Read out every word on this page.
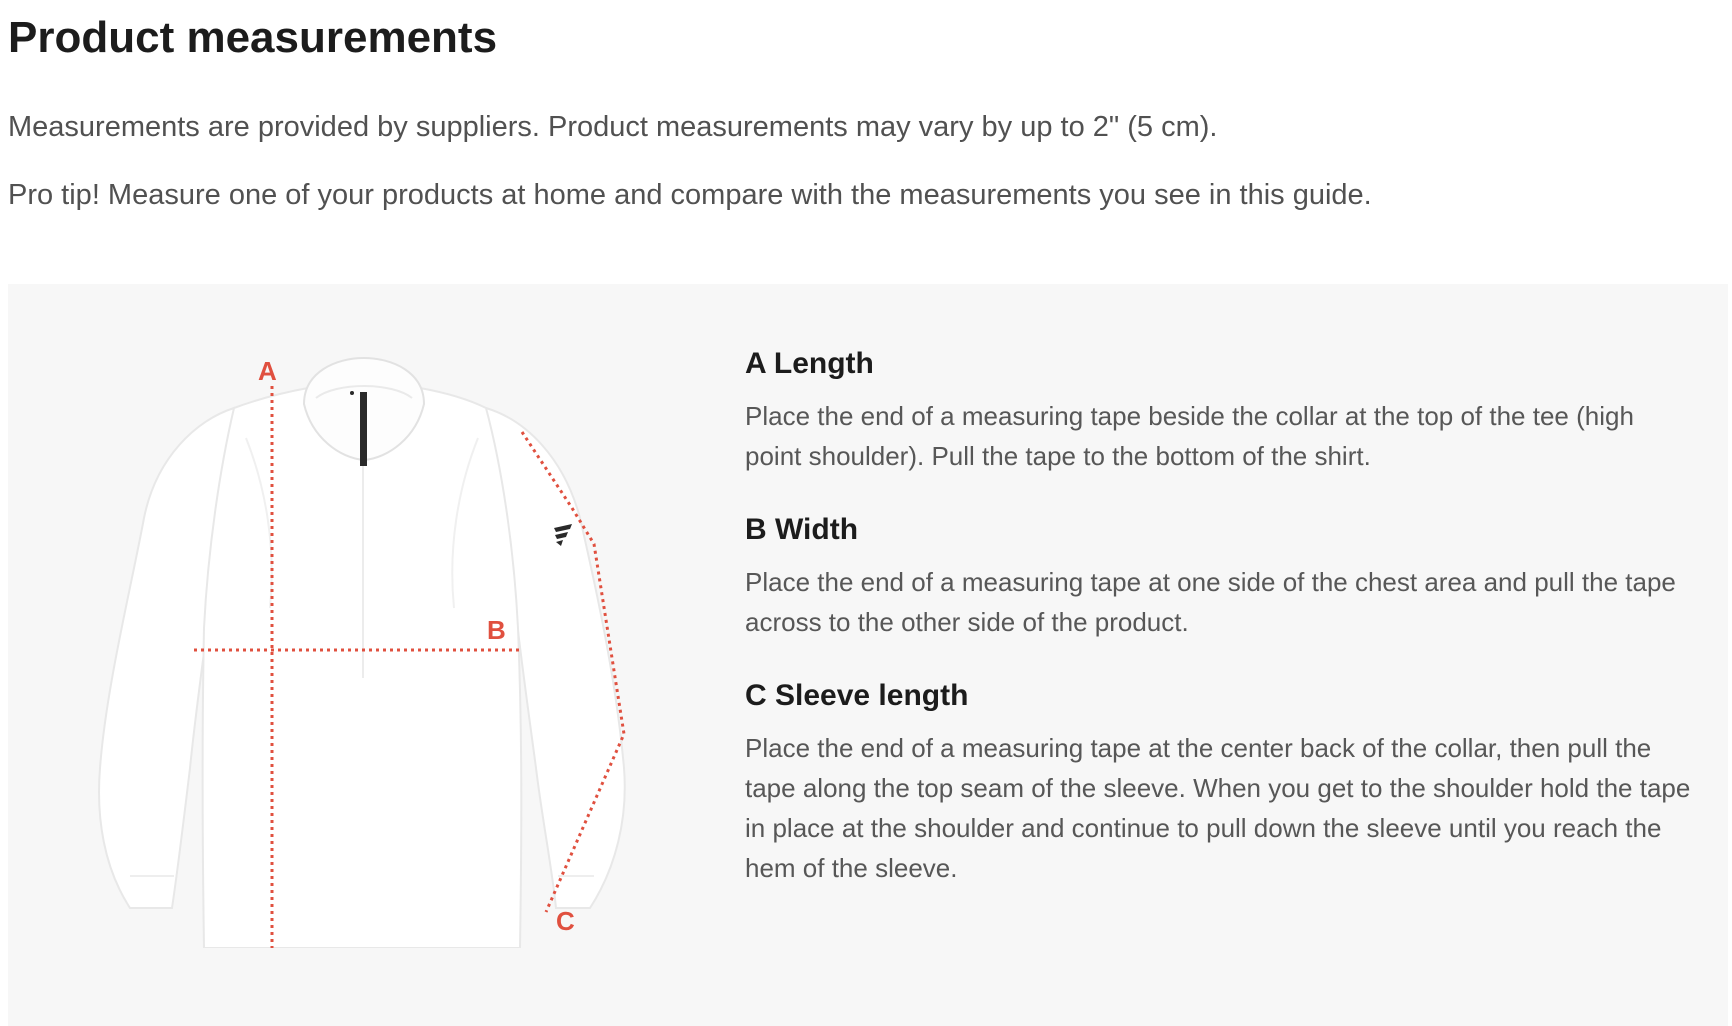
Product measurements

Measurements are provided by suppliers. Product measurements may vary by up to 2" (5 cm).

Pro tip! Measure one of your products at home and compare with the measurements you see in this guide.

A
B
C
A Length

Place the end of a measuring tape beside the collar at the top of the tee (high point shoulder). Pull the tape to the bottom of the shirt.

B Width

Place the end of a measuring tape at one side of the chest area and pull the tape across to the other side of the product.

C Sleeve length

Place the end of a measuring tape at the center back of the collar, then pull the tape along the top seam of the sleeve. When you get to the shoulder hold the tape in place at the shoulder and continue to pull down the sleeve until you reach the hem of the sleeve.
